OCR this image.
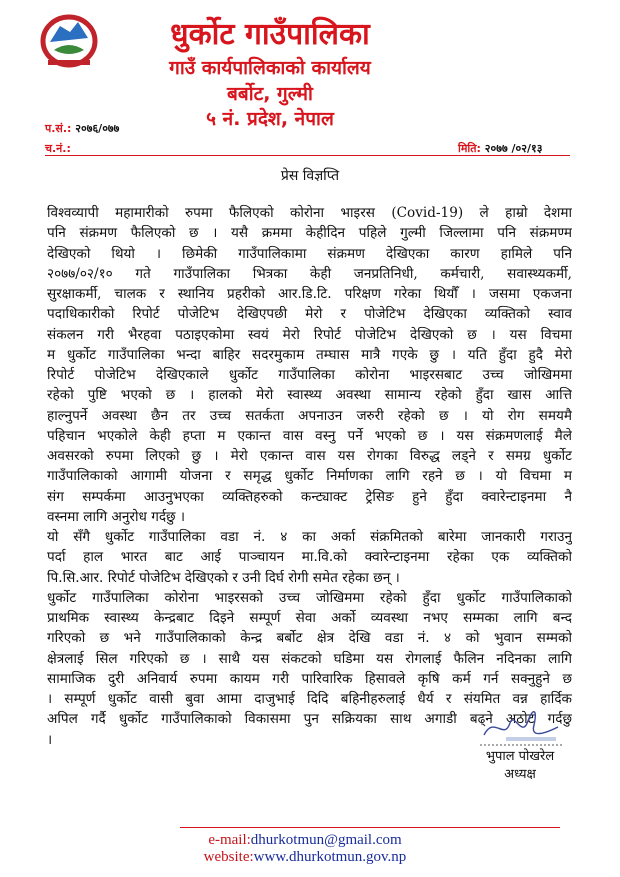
धुर्कोट गाउँपालिका
गाउँ कार्यपालिकाको कार्यालय
बर्बोट, गुल्मी
५ नं. प्रदेश, नेपाल
प.सं.: २०७६/०७७
च.नं.:	मिति: २०७७ /०२/१३
प्रेस विज्ञप्ति
विश्वव्यापी महामारीको रुपमा फैलिएको कोरोना भाइरस (Covid-19) ले हाम्रो देशमा
पनि संक्रमण फैलिएको छ । यसै क्रममा केहीदिन पहिले गुल्मी जिल्लामा पनि संक्रमण्म
देखिएको थियो । छिमेकी गाउँपालिकामा संक्रमण देखिएका कारण हामिले पनि
२०७७/०२/१० गते गाउँपालिका भित्रका केही जनप्रतिनिधी, कर्मचारी, सवास्थ्यकर्मी,
सुरक्षाकर्मी, चालक र स्थानिय प्रहरीको आर.डि.टि. परिक्षण गरेका थियौँ । जसमा एकजना
पदाधिकारीको रिपोर्ट पोजेटिभ देखिएपछी मेरो र पोजेटिभ देखिएका व्यक्तिको स्वाव
संकलन गरी भैरहवा पठाइएकोमा स्वयं मेरो रिपोर्ट पोजेटिभ देखिएको छ । यस विचमा
म धुर्कोट गाउँपालिका भन्दा बाहिर सदरमुकाम तम्घास मात्रै गएके छु । यति हुँदा हुदै मेरो
रिपोर्ट पोजेटिभ देखिएकाले धुर्कोट गाउँपालिका कोरोना भाइरसबाट उच्च जोखिममा
रहेको पुष्टि भएको छ । हालको मेरो स्वास्थ्य अवस्था सामान्य रहेको हुँदा खास आत्ति
हाल्नुपर्ने अवस्था छैन तर उच्च सतर्कता अपनाउन जरुरी रहेको छ । यो रोग समयमै
पहिचान भएकोले केही हप्ता म एकान्त वास वस्नु पर्ने भएको छ । यस संक्रमणलाई मैले
अवसरको रुपमा लिएको छु । मेरो एकान्त वास यस रोगका विरुद्ध लड्ने र समग्र धुर्कोट
गाउँपालिकाको आगामी योजना र समृद्ध धुर्कोट निर्माणका लागि रहने छ । यो विचमा म
संग सम्पर्कमा आउनुभएका व्यक्तिहरुको कन्ट्याक्ट ट्रेसिङ हुने हुँदा क्वारेन्टाइनमा नै
वस्नमा लागि अनुरोध गर्दछु ।
यो सँगै धुर्कोट गाउँपालिका वडा नं. ४ का अर्का संक्रमितको बारेमा जानकारी गराउनु
पर्दा हाल भारत बाट आई पाञ्चायन मा.वि.को क्वारेन्टाइनमा रहेका एक व्यक्तिको
पि.सि.आर. रिपोर्ट पोजेटिभ देखिएको र उनी दिर्घ रोगी समेत रहेका छन् ।
धुर्कोट गाउँपालिका कोरोना भाइरसको उच्च जोखिममा रहेको हुँदा धुर्कोट गाउँपालिकाको
प्राथमिक स्वास्थ्य केन्द्रबाट दिइने सम्पूर्ण सेवा अर्को व्यवस्था नभए सम्मका लागि बन्द
गरिएको छ भने गाउँपालिकाको केन्द्र बर्बोट क्षेत्र देखि वडा नं. ४ को भुवान सम्मको
क्षेत्रलाई सिल गरिएको छ । साथै यस संकटको घडिमा यस रोगलाई फैलिन नदिनका लागि
सामाजिक दुरी अनिवार्य रुपमा कायम गरी पारिवारिक हिसावले कृषि कर्म गर्न सक्नुहुने छ
। सम्पूर्ण धुर्कोट वासी बुवा आमा दाजुभाई दिदि बहिनीहरुलाई धैर्य र संयमित वन्न हार्दिक
अपिल गर्दै धुर्कोट गाउँपालिकाको विकासमा पुन सक्रियका साथ अगाडी बढ्ने अठोट गर्दछु
।
भुपाल पोखरेल
अध्यक्ष
e-mail:dhurkotmun@gmail.com
website:www.dhurkotmun.gov.np
